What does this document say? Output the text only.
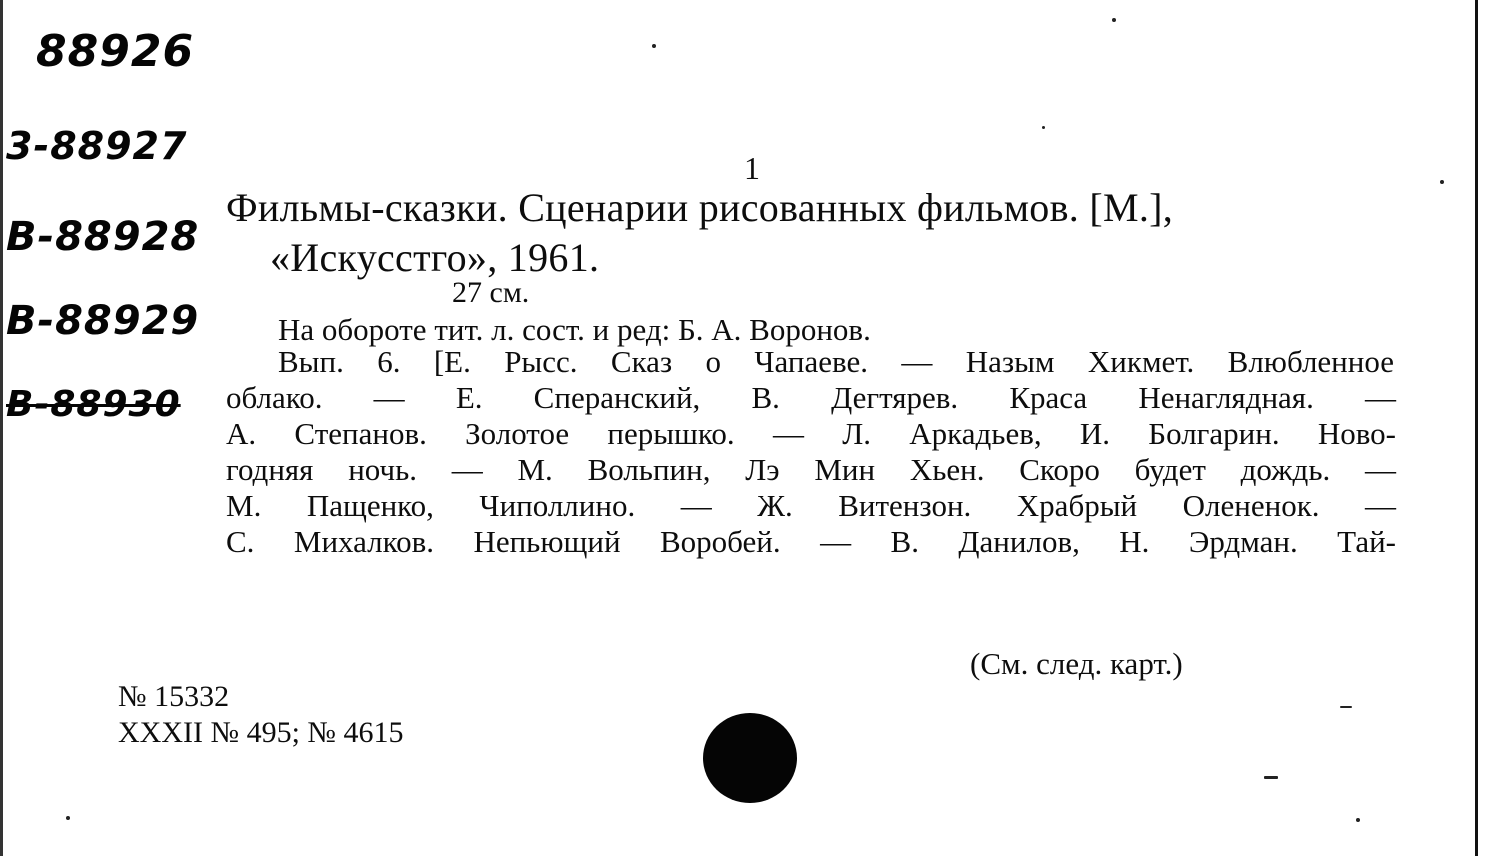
88926
3-88927
B-88928
B-88929
B-88930
1
Фильмы-сказки. Сценарии рисованных фильмов. [М.],
«Искусстго», 1961.
27 см.
На обороте тит. л. сост. и ред: Б. А. Воронов.
Вып. 6. [Е. Рысс. Сказ о Чапаеве. — Назым Хикмет. Влюбленное
облако. — Е. Сперанский, В. Дегтярев. Краса Ненаглядная. —
А. Степанов. Золотое перышко. — Л. Аркадьев, И. Болгарин. Ново-
годняя ночь. — М. Вольпин, Лэ Мин Хьен. Скоро будет дождь. —
М. Пащенко, Чиполлино. — Ж. Витензон. Храбрый Олененок. —
С. Михалков. Непьющий Воробей. — В. Данилов, Н. Эрдман. Тай-
(См. след. карт.)
№ 15332
XXXII № 495; № 4615
